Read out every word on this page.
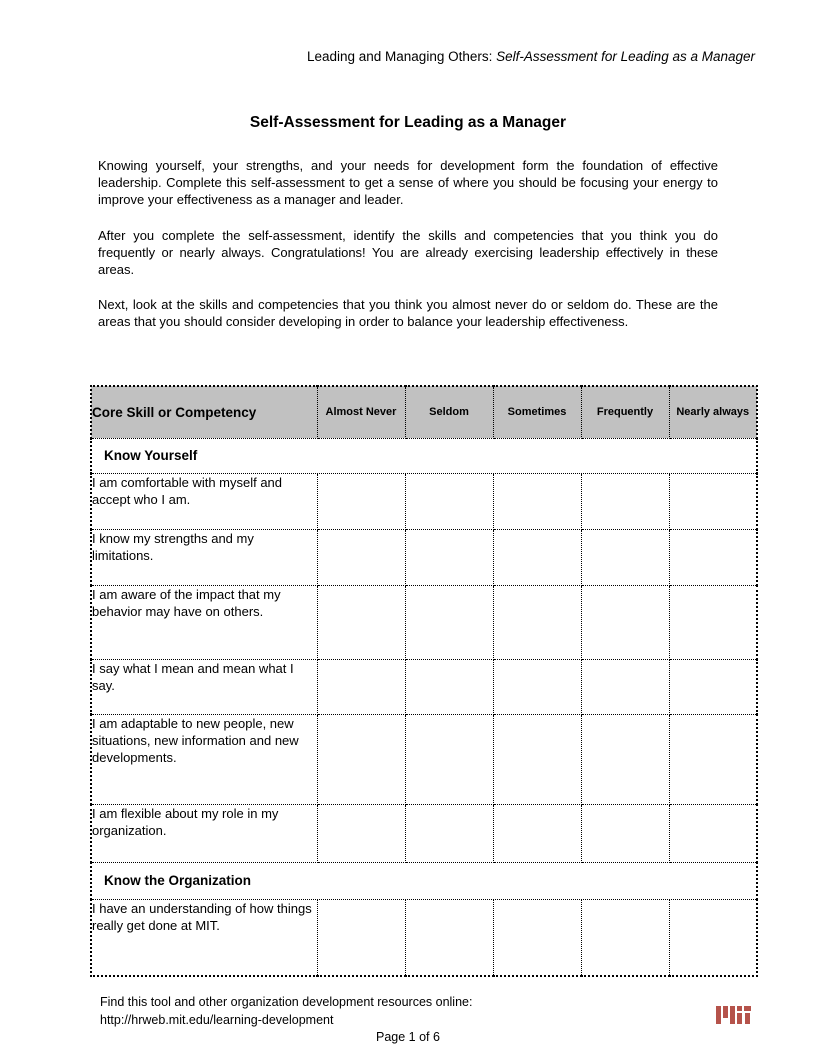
Leading and Managing Others: Self-Assessment for Leading as a Manager
Self-Assessment for Leading as a Manager
Knowing yourself, your strengths, and your needs for development form the foundation of effective leadership. Complete this self-assessment to get a sense of where you should be focusing your energy to improve your effectiveness as a manager and leader.
After you complete the self-assessment, identify the skills and competencies that you think you do frequently or nearly always. Congratulations! You are already exercising leadership effectively in these areas.
Next, look at the skills and competencies that you think you almost never do or seldom do. These are the areas that you should consider developing in order to balance your leadership effectiveness.
Core Skill or Competency	Almost Never	Seldom	Sometimes	Frequently	Nearly always
Know Yourself					
I am comfortable with myself and accept who I am.					
I know my strengths and my limitations.					
I am aware of the impact that my behavior may have on others.					
I say what I mean and mean what I say.					
I am adaptable to new people, new situations, new information and new developments.					
I am flexible about my role in my organization.					
Know the Organization					
I have an understanding of how things really get done at MIT.					
Find this tool and other organization development resources online:
http://hrweb.mit.edu/learning-development
Page 1 of 6
